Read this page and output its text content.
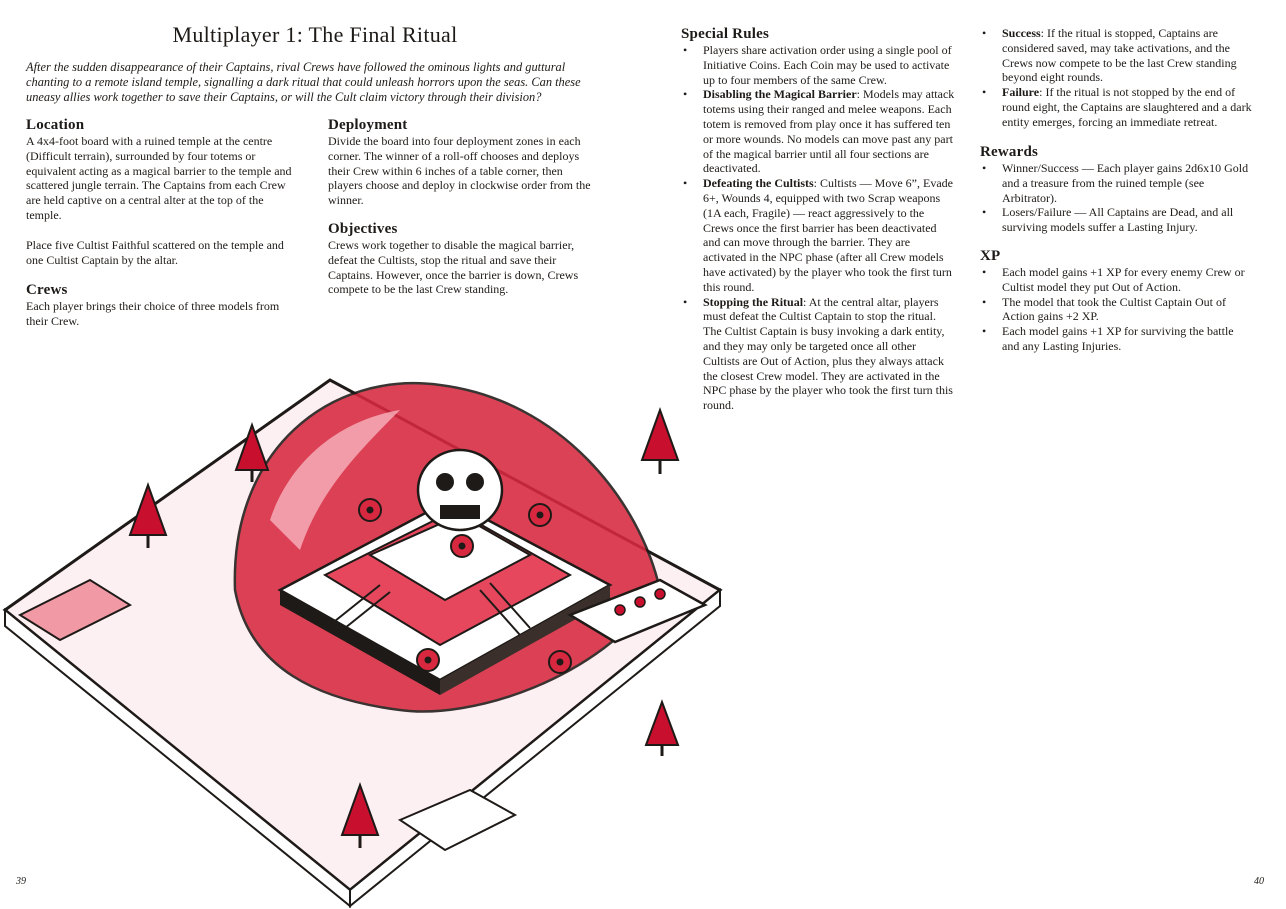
Multiplayer 1: The Final Ritual
After the sudden disappearance of their Captains, rival Crews have followed the ominous lights and guttural chanting to a remote island temple, signalling a dark ritual that could unleash horrors upon the seas. Can these uneasy allies work together to save their Captains, or will the Cult claim victory through their division?
Location

A 4x4-foot board with a ruined temple at the centre (Difficult terrain), surrounded by four totems or equivalent acting as a magical barrier to the temple and scattered jungle terrain. The Captains from each Crew are held captive on a central alter at the top of the temple.

Place five Cultist Faithful scattered on the temple and one Cultist Captain by the altar.

Crews

Each player brings their choice of three models from their Crew.

Deployment

Divide the board into four deployment zones in each corner. The winner of a roll-off chooses and deploys their Crew within 6 inches of a table corner, then players choose and deploy in clockwise order from the winner.

Objectives

Crews work together to disable the magical barrier, defeat the Cultists, stop the ritual and save their Captains. However, once the barrier is down, Crews compete to be the last Crew standing.

Special Rules
• Players share activation order using a single pool of Initiative Coins. Each Coin may be used to activate up to four members of the same Crew.
• Disabling the Magical Barrier: Models may attack totems using their ranged and melee weapons. Each totem is removed from play once it has suffered ten or more wounds. No models can move past any part of the magical barrier until all four sections are deactivated.
• Defeating the Cultists: Cultists — Move 6”, Evade 6+, Wounds 4, equipped with two Scrap weapons (1A each, Fragile) — react aggressively to the Crews once the first barrier has been deactivated and can move through the barrier. They are activated in the NPC phase (after all Crew models have activated) by the player who took the first turn this round.
• Stopping the Ritual: At the central altar, players must defeat the Cultist Captain to stop the ritual. The Cultist Captain is busy invoking a dark entity, and they may only be targeted once all other Cultists are Out of Action, plus they always attack the closest Crew model. They are activated in the NPC phase by the player who took the first turn this round.
• Success: If the ritual is stopped, Captains are considered saved, may take activations, and the Crews now compete to be the last Crew standing beyond eight rounds.
• Failure: If the ritual is not stopped by the end of round eight, the Captains are slaughtered and a dark entity emerges, forcing an immediate retreat.
Rewards
• Winner/Success — Each player gains 2d6x10 Gold and a treasure from the ruined temple (see Arbitrator).
• Losers/Failure — All Captains are Dead, and all surviving models suffer a Lasting Injury.
XP
• Each model gains +1 XP for every enemy Crew or Cultist model they put Out of Action.
• The model that took the Cultist Captain Out of Action gains +2 XP.
• Each model gains +1 XP for surviving the battle and any Lasting Injuries.
39	40
